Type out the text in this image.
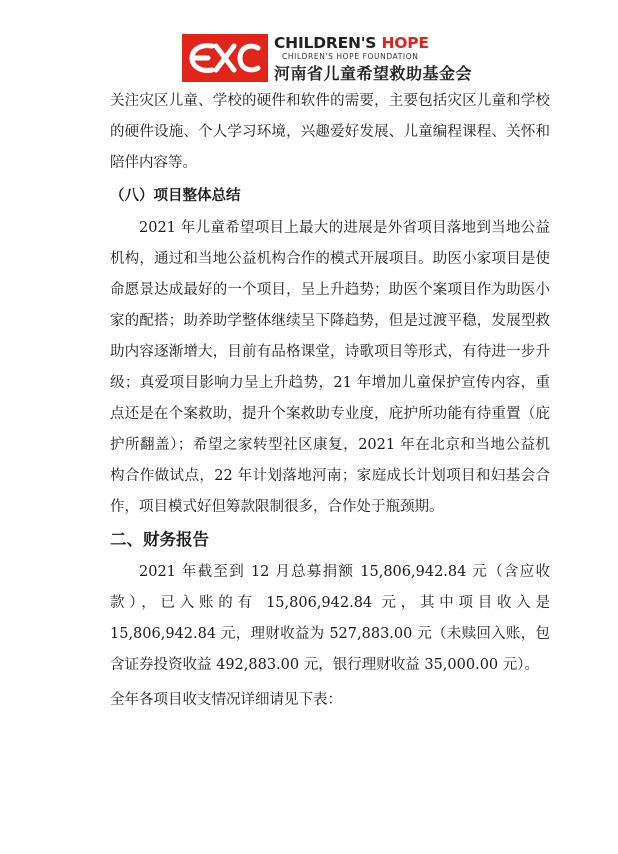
CHILDREN'S HOPE
CHILDREN'S HOPE FOUNDATION
河南省儿童希望救助基金会

关注灾区儿童、学校的硬件和软件的需要，主要包括灾区儿童和学校的硬件设施、个人学习环境，兴趣爱好发展、儿童编程课程、关怀和陪伴内容等。

（八）项目整体总结

2021 年儿童希望项目上最大的进展是外省项目落地到当地公益机构，通过和当地公益机构合作的模式开展项目。助医小家项目是使命愿景达成最好的一个项目，呈上升趋势；助医个案项目作为助医小家的配搭；助养助学整体继续呈下降趋势，但是过渡平稳，发展型救助内容逐渐增大，目前有品格课堂，诗歌项目等形式，有待进一步升级；真爱项目影响力呈上升趋势，21 年增加儿童保护宣传内容，重点还是在个案救助，提升个案救助专业度，庇护所功能有待重置（庇护所翻盖）；希望之家转型社区康复，2021 年在北京和当地公益机构合作做试点，22 年计划落地河南；家庭成长计划项目和妇基会合作，项目模式好但筹款限制很多，合作处于瓶颈期。

二、财务报告

2021 年截至到 12 月总募捐额 15,806,942.84 元（含应收款），已入账的有 15,806,942.84 元，其中项目收入是 15,806,942.84 元，理财收益为 527,883.00 元（未赎回入账，包含证券投资收益 492,883.00 元，银行理财收益 35,000.00 元）。

全年各项目收支情况详细请见下表：
